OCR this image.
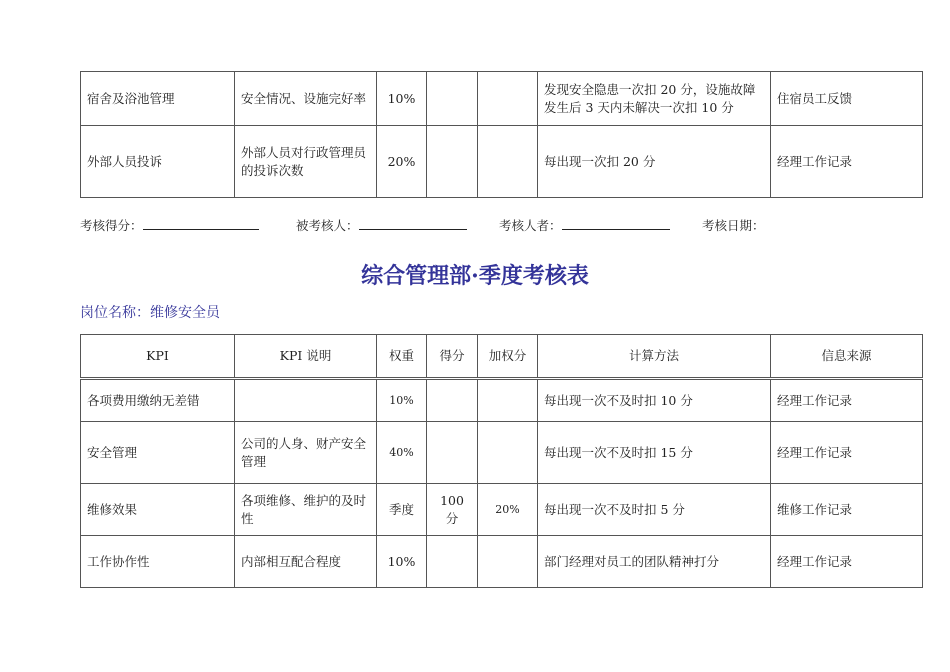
宿舍及浴池管理	安全情况、设施完好率	10%			发现安全隐患一次扣 20 分，设施故障发生后 3 天内未解决一次扣 10 分	住宿员工反馈
外部人员投诉	外部人员对行政管理员的投诉次数	20%			每出现一次扣 20 分	经理工作记录
考核得分：	被考核人：	考核人者：	考核日期：
综合管理部·季度考核表
岗位名称：维修安全员
KPI	KPI 说明	权重	得分	加权分	计算方法	信息来源
各项费用缴纳无差错		10%			每出现一次不及时扣 10 分	经理工作记录
安全管理	公司的人身、财产安全管理	40%			每出现一次不及时扣 15 分	经理工作记录
维修效果	各项维修、维护的及时性	季度	100 分	20%	每出现一次不及时扣 5 分	维修工作记录
工作协作性	内部相互配合程度	10%			部门经理对员工的团队精神打分	经理工作记录
